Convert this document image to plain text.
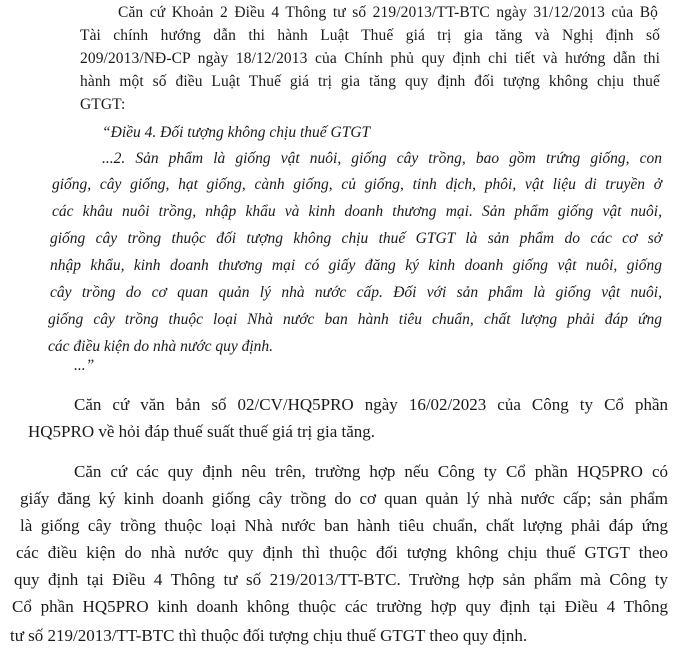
Căn cứ Khoản 2 Điều 4 Thông tư số 219/2013/TT-BTC ngày 31/12/2013 của Bộ

Tài chính hướng dẫn thi hành Luật Thuế giá trị gia tăng và Nghị định số

209/2013/NĐ-CP ngày 18/12/2013 của Chính phủ quy định chi tiết và hướng dẫn thi

hành một số điều Luật Thuế giá trị gia tăng quy định đối tượng không chịu thuế

GTGT:

“Điều 4. Đối tượng không chịu thuế GTGT

...2. Sản phẩm là giống vật nuôi, giống cây trồng, bao gồm trứng giống, con

giống, cây giống, hạt giống, cành giống, củ giống, tinh dịch, phôi, vật liệu di truyền ở

các khâu nuôi trồng, nhập khẩu và kinh doanh thương mại. Sản phẩm giống vật nuôi,

giống cây trồng thuộc đối tượng không chịu thuế GTGT là sản phẩm do các cơ sở

nhập khẩu, kinh doanh thương mại có giấy đăng ký kinh doanh giống vật nuôi, giống

cây trồng do cơ quan quản lý nhà nước cấp. Đối với sản phẩm là giống vật nuôi,

giống cây trồng thuộc loại Nhà nước ban hành tiêu chuẩn, chất lượng phải đáp ứng

các điều kiện do nhà nước quy định.

...”

Căn cứ văn bản số 02/CV/HQ5PRO ngày 16/02/2023 của Công ty Cổ phần

HQ5PRO về hỏi đáp thuế suất thuế giá trị gia tăng.

Căn cứ các quy định nêu trên, trường hợp nếu Công ty Cổ phần HQ5PRO có

giấy đăng ký kinh doanh giống cây trồng do cơ quan quản lý nhà nước cấp; sản phẩm

là giống cây trồng thuộc loại Nhà nước ban hành tiêu chuẩn, chất lượng phải đáp ứng

các điều kiện do nhà nước quy định thì thuộc đối tượng không chịu thuế GTGT theo

quy định tại Điều 4 Thông tư số 219/2013/TT-BTC. Trường hợp sản phẩm mà Công ty

Cổ phần HQ5PRO kinh doanh không thuộc các trường hợp quy định tại Điều 4 Thông

tư số 219/2013/TT-BTC thì thuộc đối tượng chịu thuế GTGT theo quy định.
